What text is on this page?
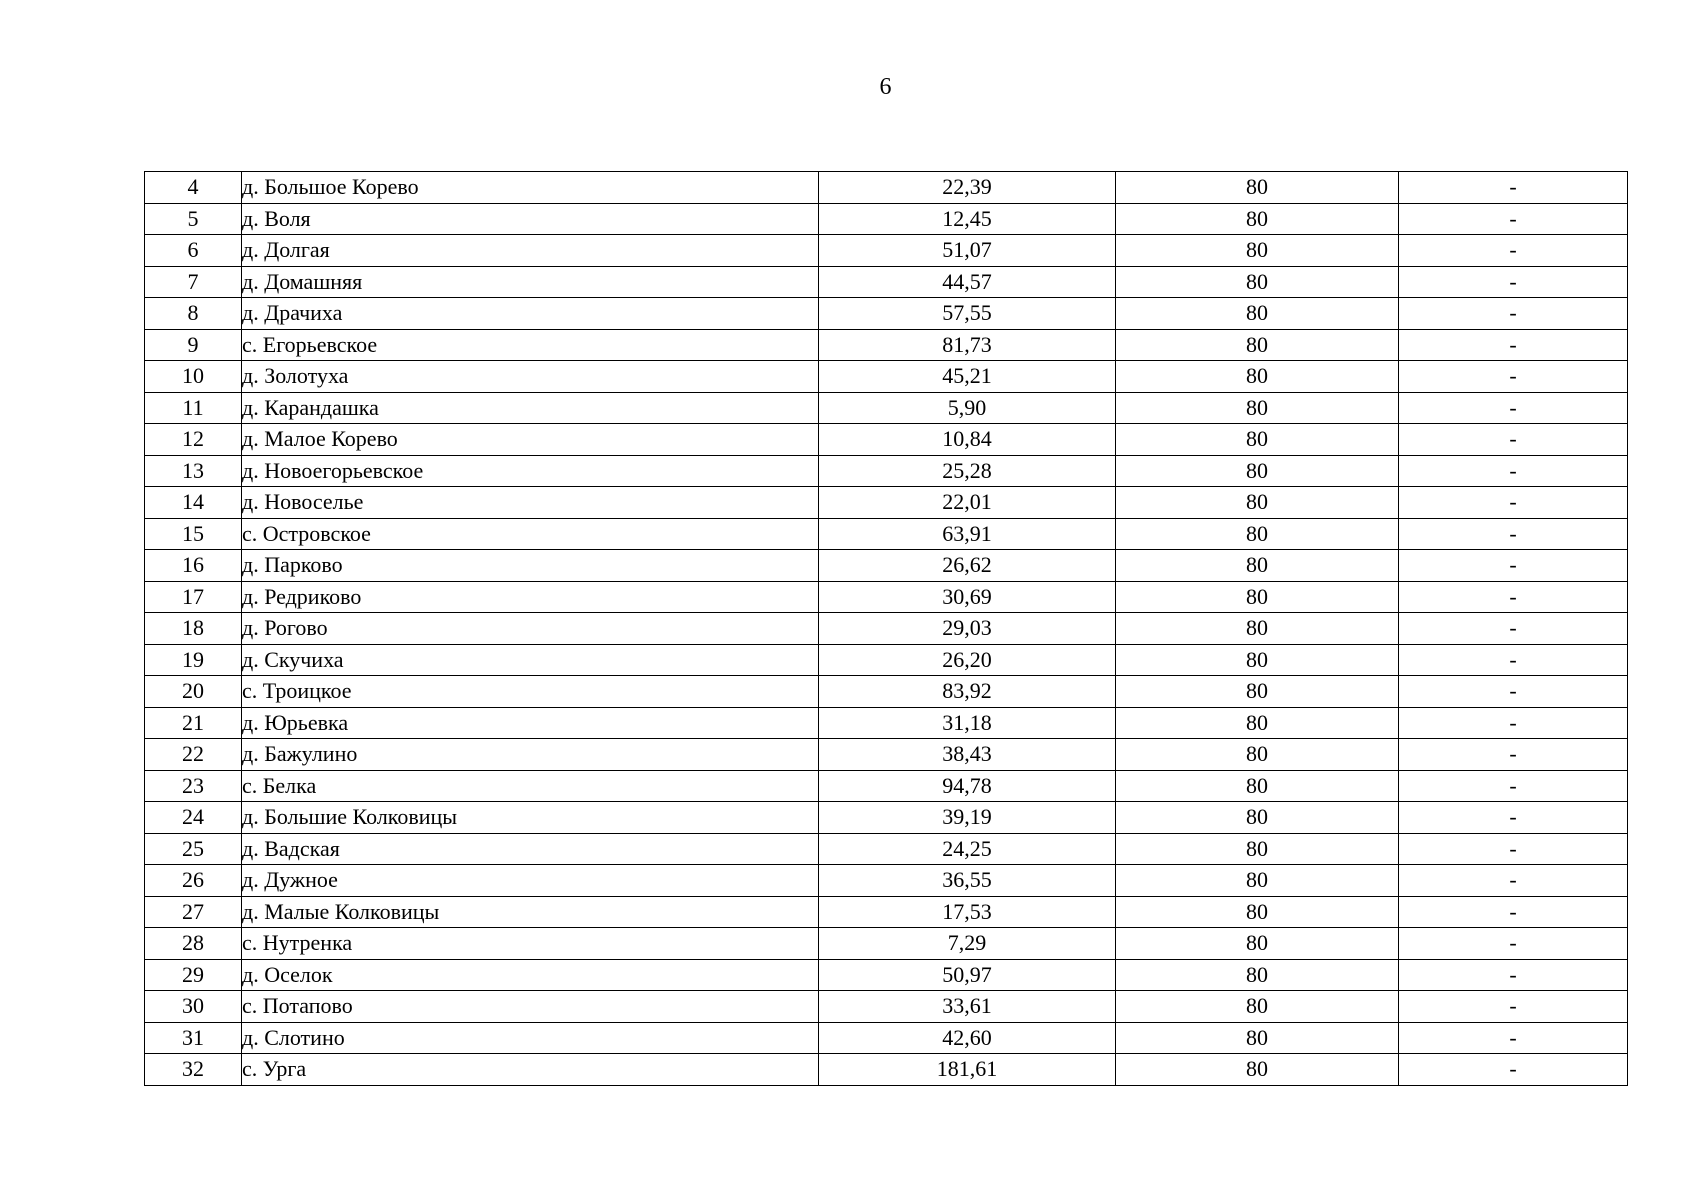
6
4	д. Большое Корево	22,39	80	-
5	д. Воля	12,45	80	-
6	д. Долгая	51,07	80	-
7	д. Домашняя	44,57	80	-
8	д. Драчиха	57,55	80	-
9	с. Егорьевское	81,73	80	-
10	д. Золотуха	45,21	80	-
11	д. Карандашка	5,90	80	-
12	д. Малое Корево	10,84	80	-
13	д. Новоегорьевское	25,28	80	-
14	д. Новоселье	22,01	80	-
15	с. Островское	63,91	80	-
16	д. Парково	26,62	80	-
17	д. Редриково	30,69	80	-
18	д. Рогово	29,03	80	-
19	д. Скучиха	26,20	80	-
20	с. Троицкое	83,92	80	-
21	д. Юрьевка	31,18	80	-
22	д. Бажулино	38,43	80	-
23	с. Белка	94,78	80	-
24	д. Большие Колковицы	39,19	80	-
25	д. Вадская	24,25	80	-
26	д. Дужное	36,55	80	-
27	д. Малые Колковицы	17,53	80	-
28	с. Нутренка	7,29	80	-
29	д. Оселок	50,97	80	-
30	с. Потапово	33,61	80	-
31	д. Слотино	42,60	80	-
32	с. Урга	181,61	80	-
